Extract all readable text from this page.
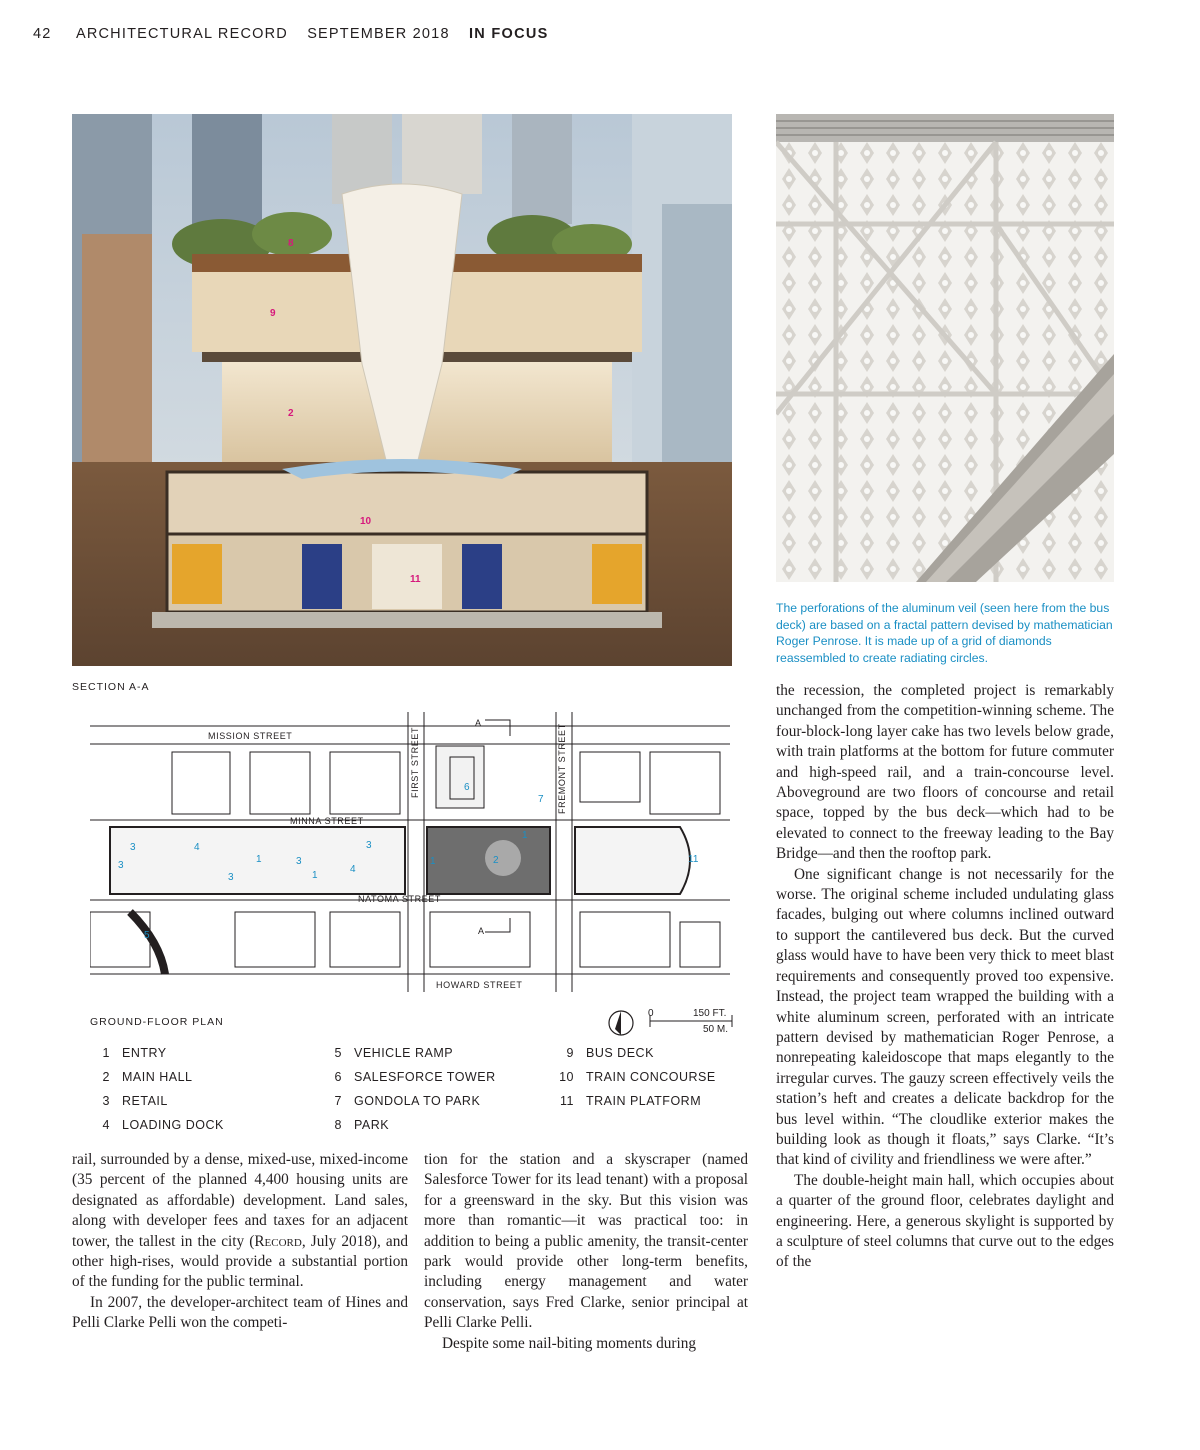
42 ARCHITECTURAL RECORD SEPTEMBER 2018 IN FOCUS
8
9
2
10
11
The perforations of the aluminum veil (seen here from the bus deck) are based on a fractal pattern devised by mathematician Roger Penrose. It is made up of a grid of diamonds reassembled to create radiating circles.
SECTION A-A
MISSION STREET
MINNA STREET
NATOMA STREET
HOWARD STREET
FIRST STREET	FREMONT STREET
A
A
3	4
3
1	3
1
3
4
3
2
1
1
6
7
11
5
GROUND-FLOOR PLAN
0	150 FT.
50 M.
1 ENTRY
2 MAIN HALL
3 RETAIL
4 LOADING DOCK
5 VEHICLE RAMP
6 SALESFORCE TOWER
7 GONDOLA TO PARK
8 PARK
9 BUS DECK
10 TRAIN CONCOURSE
11 TRAIN PLATFORM

rail, surrounded by a dense, mixed-use, mixed-income (35 percent of the planned 4,400 housing units are designated as affordable) development. Land sales, along with developer fees and taxes for an adjacent tower, the tallest in the city (Record, July 2018), and other high-rises, would provide a substantial portion of the funding for the public terminal.

In 2007, the developer-architect team of Hines and Pelli Clarke Pelli won the competi-

tion for the station and a skyscraper (named Salesforce Tower for its lead tenant) with a proposal for a greensward in the sky. But this vision was more than romantic—it was practical too: in addition to being a public amenity, the transit-center park would provide other long-term benefits, including energy management and water conservation, says Fred Clarke, senior principal at Pelli Clarke Pelli.

Despite some nail-biting moments during

the recession, the completed project is remarkably unchanged from the competition-winning scheme. The four-block-long layer cake has two levels below grade, with train platforms at the bottom for future commuter and high-speed rail, and a train-concourse level. Aboveground are two floors of concourse and retail space, topped by the bus deck—which had to be elevated to connect to the freeway leading to the Bay Bridge—and then the rooftop park.

One significant change is not necessarily for the worse. The original scheme included undulating glass facades, bulging out where columns inclined outward to support the cantilevered bus deck. But the curved glass would have to have been very thick to meet blast requirements and consequently proved too expensive. Instead, the project team wrapped the building with a white aluminum screen, perforated with an intricate pattern devised by mathematician Roger Penrose, a nonrepeating kaleidoscope that maps elegantly to the irregular curves. The gauzy screen effectively veils the station’s heft and creates a delicate backdrop for the bus level within. “The cloudlike exterior makes the building look as though it floats,” says Clarke. “It’s that kind of civility and friendliness we were after.”

The double-height main hall, which occupies about a quarter of the ground floor, celebrates daylight and engineering. Here, a generous skylight is supported by a sculpture of steel columns that curve out to the edges of the
